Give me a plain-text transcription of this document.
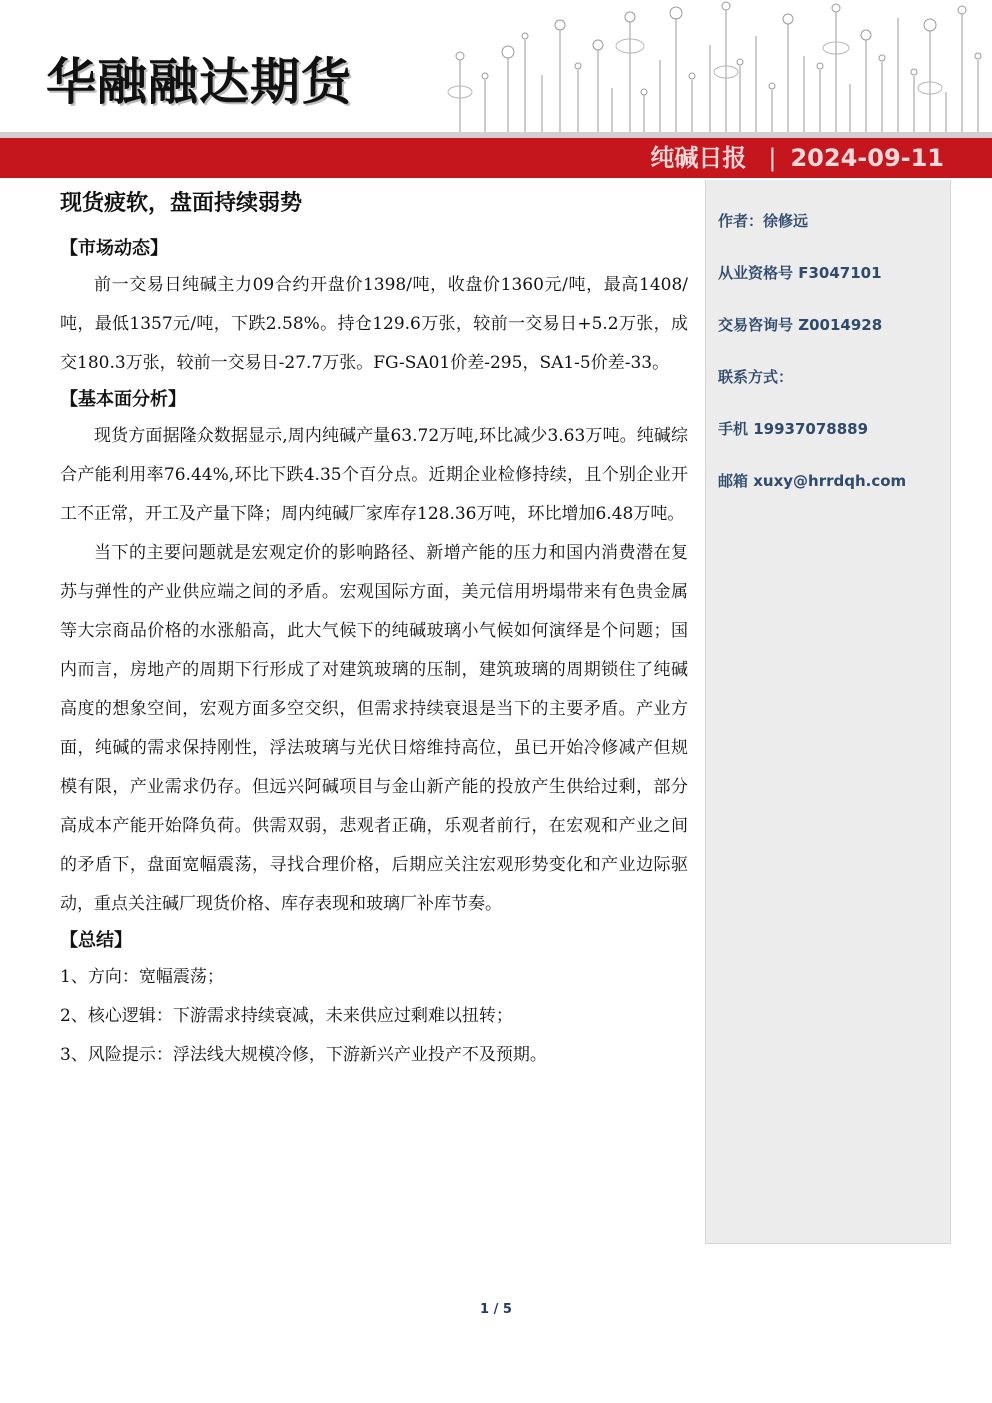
华融融达期货
纯碱日报 | 2024-09-11
现货疲软，盘面持续弱势
【市场动态】

前一交易日纯碱主力09合约开盘价1398/吨，收盘价1360元/吨，最高1408/吨，最低1357元/吨，下跌2.58%。持仓129.6万张，较前一交易日+5.2万张，成交180.3万张，较前一交易日-27.7万张。FG-SA01价差-295，SA1-5价差-33。

【基本面分析】

现货方面据隆众数据显示,周内纯碱产量63.72万吨,环比减少3.63万吨。纯碱综合产能利用率76.44%,环比下跌4.35个百分点。近期企业检修持续，且个别企业开工不正常，开工及产量下降；周内纯碱厂家库存128.36万吨，环比增加6.48万吨。

当下的主要问题就是宏观定价的影响路径、新增产能的压力和国内消费潜在复苏与弹性的产业供应端之间的矛盾。宏观国际方面，美元信用坍塌带来有色贵金属等大宗商品价格的水涨船高，此大气候下的纯碱玻璃小气候如何演绎是个问题；国内而言，房地产的周期下行形成了对建筑玻璃的压制，建筑玻璃的周期锁住了纯碱高度的想象空间，宏观方面多空交织，但需求持续衰退是当下的主要矛盾。产业方面，纯碱的需求保持刚性，浮法玻璃与光伏日熔维持高位，虽已开始冷修减产但规模有限，产业需求仍存。但远兴阿碱项目与金山新产能的投放产生供给过剩，部分高成本产能开始降负荷。供需双弱，悲观者正确，乐观者前行，在宏观和产业之间的矛盾下，盘面宽幅震荡，寻找合理价格，后期应关注宏观形势变化和产业边际驱动，重点关注碱厂现货价格、库存表现和玻璃厂补库节奏。

【总结】
1、方向：宽幅震荡；
2、核心逻辑：下游需求持续衰减，未来供应过剩难以扭转；
3、风险提示：浮法线大规模冷修，下游新兴产业投产不及预期。
作者：徐修远
从业资格号 F3047101
交易咨询号 Z0014928
联系方式：
手机 19937078889
邮箱 xuxy@hrrdqh.com
1 / 5
